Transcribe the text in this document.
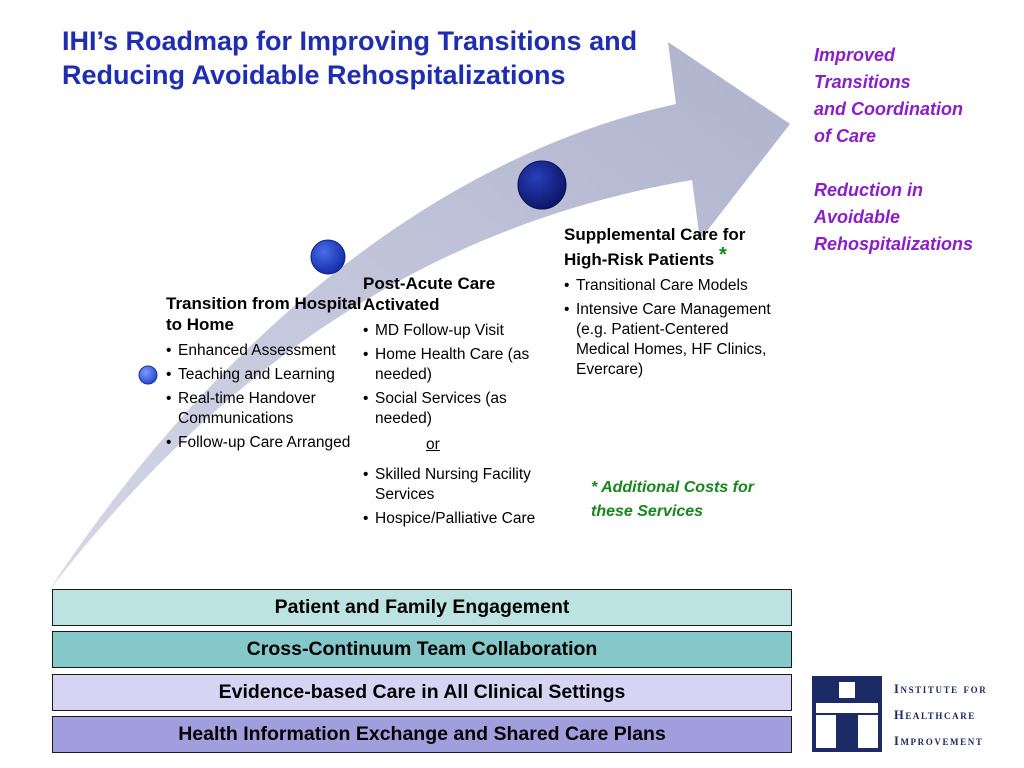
IHI’s Roadmap for Improving Transitions and Reducing Avoidable Rehospitalizations
Improved
Transitions
and Coordination
of Care
Reduction in
Avoidable
Rehospitalizations
Transition from Hospital to Home
• Enhanced Assessment
• Teaching and Learning
• Real-time Handover Communications
• Follow-up Care Arranged
Post-Acute Care Activated
• MD Follow-up Visit
• Home Health Care (as needed)
• Social Services (as needed)
or
• Skilled Nursing Facility Services
• Hospice/Palliative Care
Supplemental Care for High-Risk Patients *
• Transitional Care Models
• Intensive Care Management (e.g. Patient-Centered Medical Homes, HF Clinics, Evercare)
* Additional Costs for these Services
Patient and Family Engagement
Cross-Continuum Team Collaboration
Evidence-based Care in All Clinical Settings
Health Information Exchange and Shared Care Plans
Institute for
Healthcare
Improvement
